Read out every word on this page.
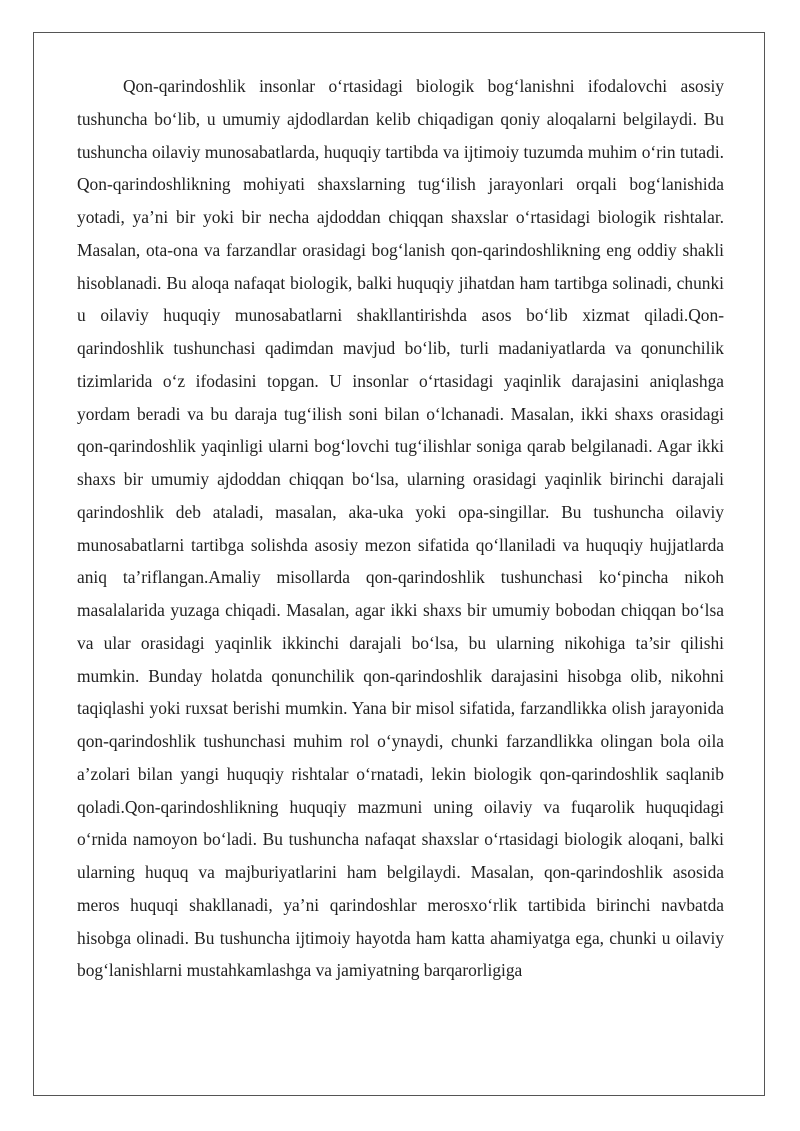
Qon-qarindoshlik insonlar o‘rtasidagi biologik bog‘lanishni ifodalovchi asosiy tushuncha bo‘lib, u umumiy ajdodlardan kelib chiqadigan qoniy aloqalarni belgilaydi. Bu tushuncha oilaviy munosabatlarda, huquqiy tartibda va ijtimoiy tuzumda muhim o‘rin tutadi. Qon-qarindoshlikning mohiyati shaxslarning tug‘ilish jarayonlari orqali bog‘lanishida yotadi, ya’ni bir yoki bir necha ajdoddan chiqqan shaxslar o‘rtasidagi biologik rishtalar. Masalan, ota-ona va farzandlar orasidagi bog‘lanish qon-qarindoshlikning eng oddiy shakli hisoblanadi. Bu aloqa nafaqat biologik, balki huquqiy jihatdan ham tartibga solinadi, chunki u oilaviy huquqiy munosabatlarni shakllantirishda asos bo‘lib xizmat qiladi.Qon-qarindoshlik tushunchasi qadimdan mavjud bo‘lib, turli madaniyatlarda va qonunchilik tizimlarida o‘z ifodasini topgan. U insonlar o‘rtasidagi yaqinlik darajasini aniqlashga yordam beradi va bu daraja tug‘ilish soni bilan o‘lchanadi. Masalan, ikki shaxs orasidagi qon-qarindoshlik yaqinligi ularni bog‘lovchi tug‘ilishlar soniga qarab belgilanadi. Agar ikki shaxs bir umumiy ajdoddan chiqqan bo‘lsa, ularning orasidagi yaqinlik birinchi darajali qarindoshlik deb ataladi, masalan, aka-uka yoki opa-singillar. Bu tushuncha oilaviy munosabatlarni tartibga solishda asosiy mezon sifatida qo‘llaniladi va huquqiy hujjatlarda aniq ta’riflangan.Amaliy misollarda qon-qarindoshlik tushunchasi ko‘pincha nikoh masalalarida yuzaga chiqadi. Masalan, agar ikki shaxs bir umumiy bobodan chiqqan bo‘lsa va ular orasidagi yaqinlik ikkinchi darajali bo‘lsa, bu ularning nikohiga ta’sir qilishi mumkin. Bunday holatda qonunchilik qon-qarindoshlik darajasini hisobga olib, nikohni taqiqlashi yoki ruxsat berishi mumkin. Yana bir misol sifatida, farzandlikka olish jarayonida qon-qarindoshlik tushunchasi muhim rol o‘ynaydi, chunki farzandlikka olingan bola oila a’zolari bilan yangi huquqiy rishtalar o‘rnatadi, lekin biologik qon-qarindoshlik saqlanib qoladi.Qon-qarindoshlikning huquqiy mazmuni uning oilaviy va fuqarolik huquqidagi o‘rnida namoyon bo‘ladi. Bu tushuncha nafaqat shaxslar o‘rtasidagi biologik aloqani, balki ularning huquq va majburiyatlarini ham belgilaydi. Masalan, qon-qarindoshlik asosida meros huquqi shakllanadi, ya’ni qarindoshlar merosxo‘rlik tartibida birinchi navbatda hisobga olinadi. Bu tushuncha ijtimoiy hayotda ham katta ahamiyatga ega, chunki u oilaviy bog‘lanishlarni mustahkamlashga va jamiyatning barqarorligiga
